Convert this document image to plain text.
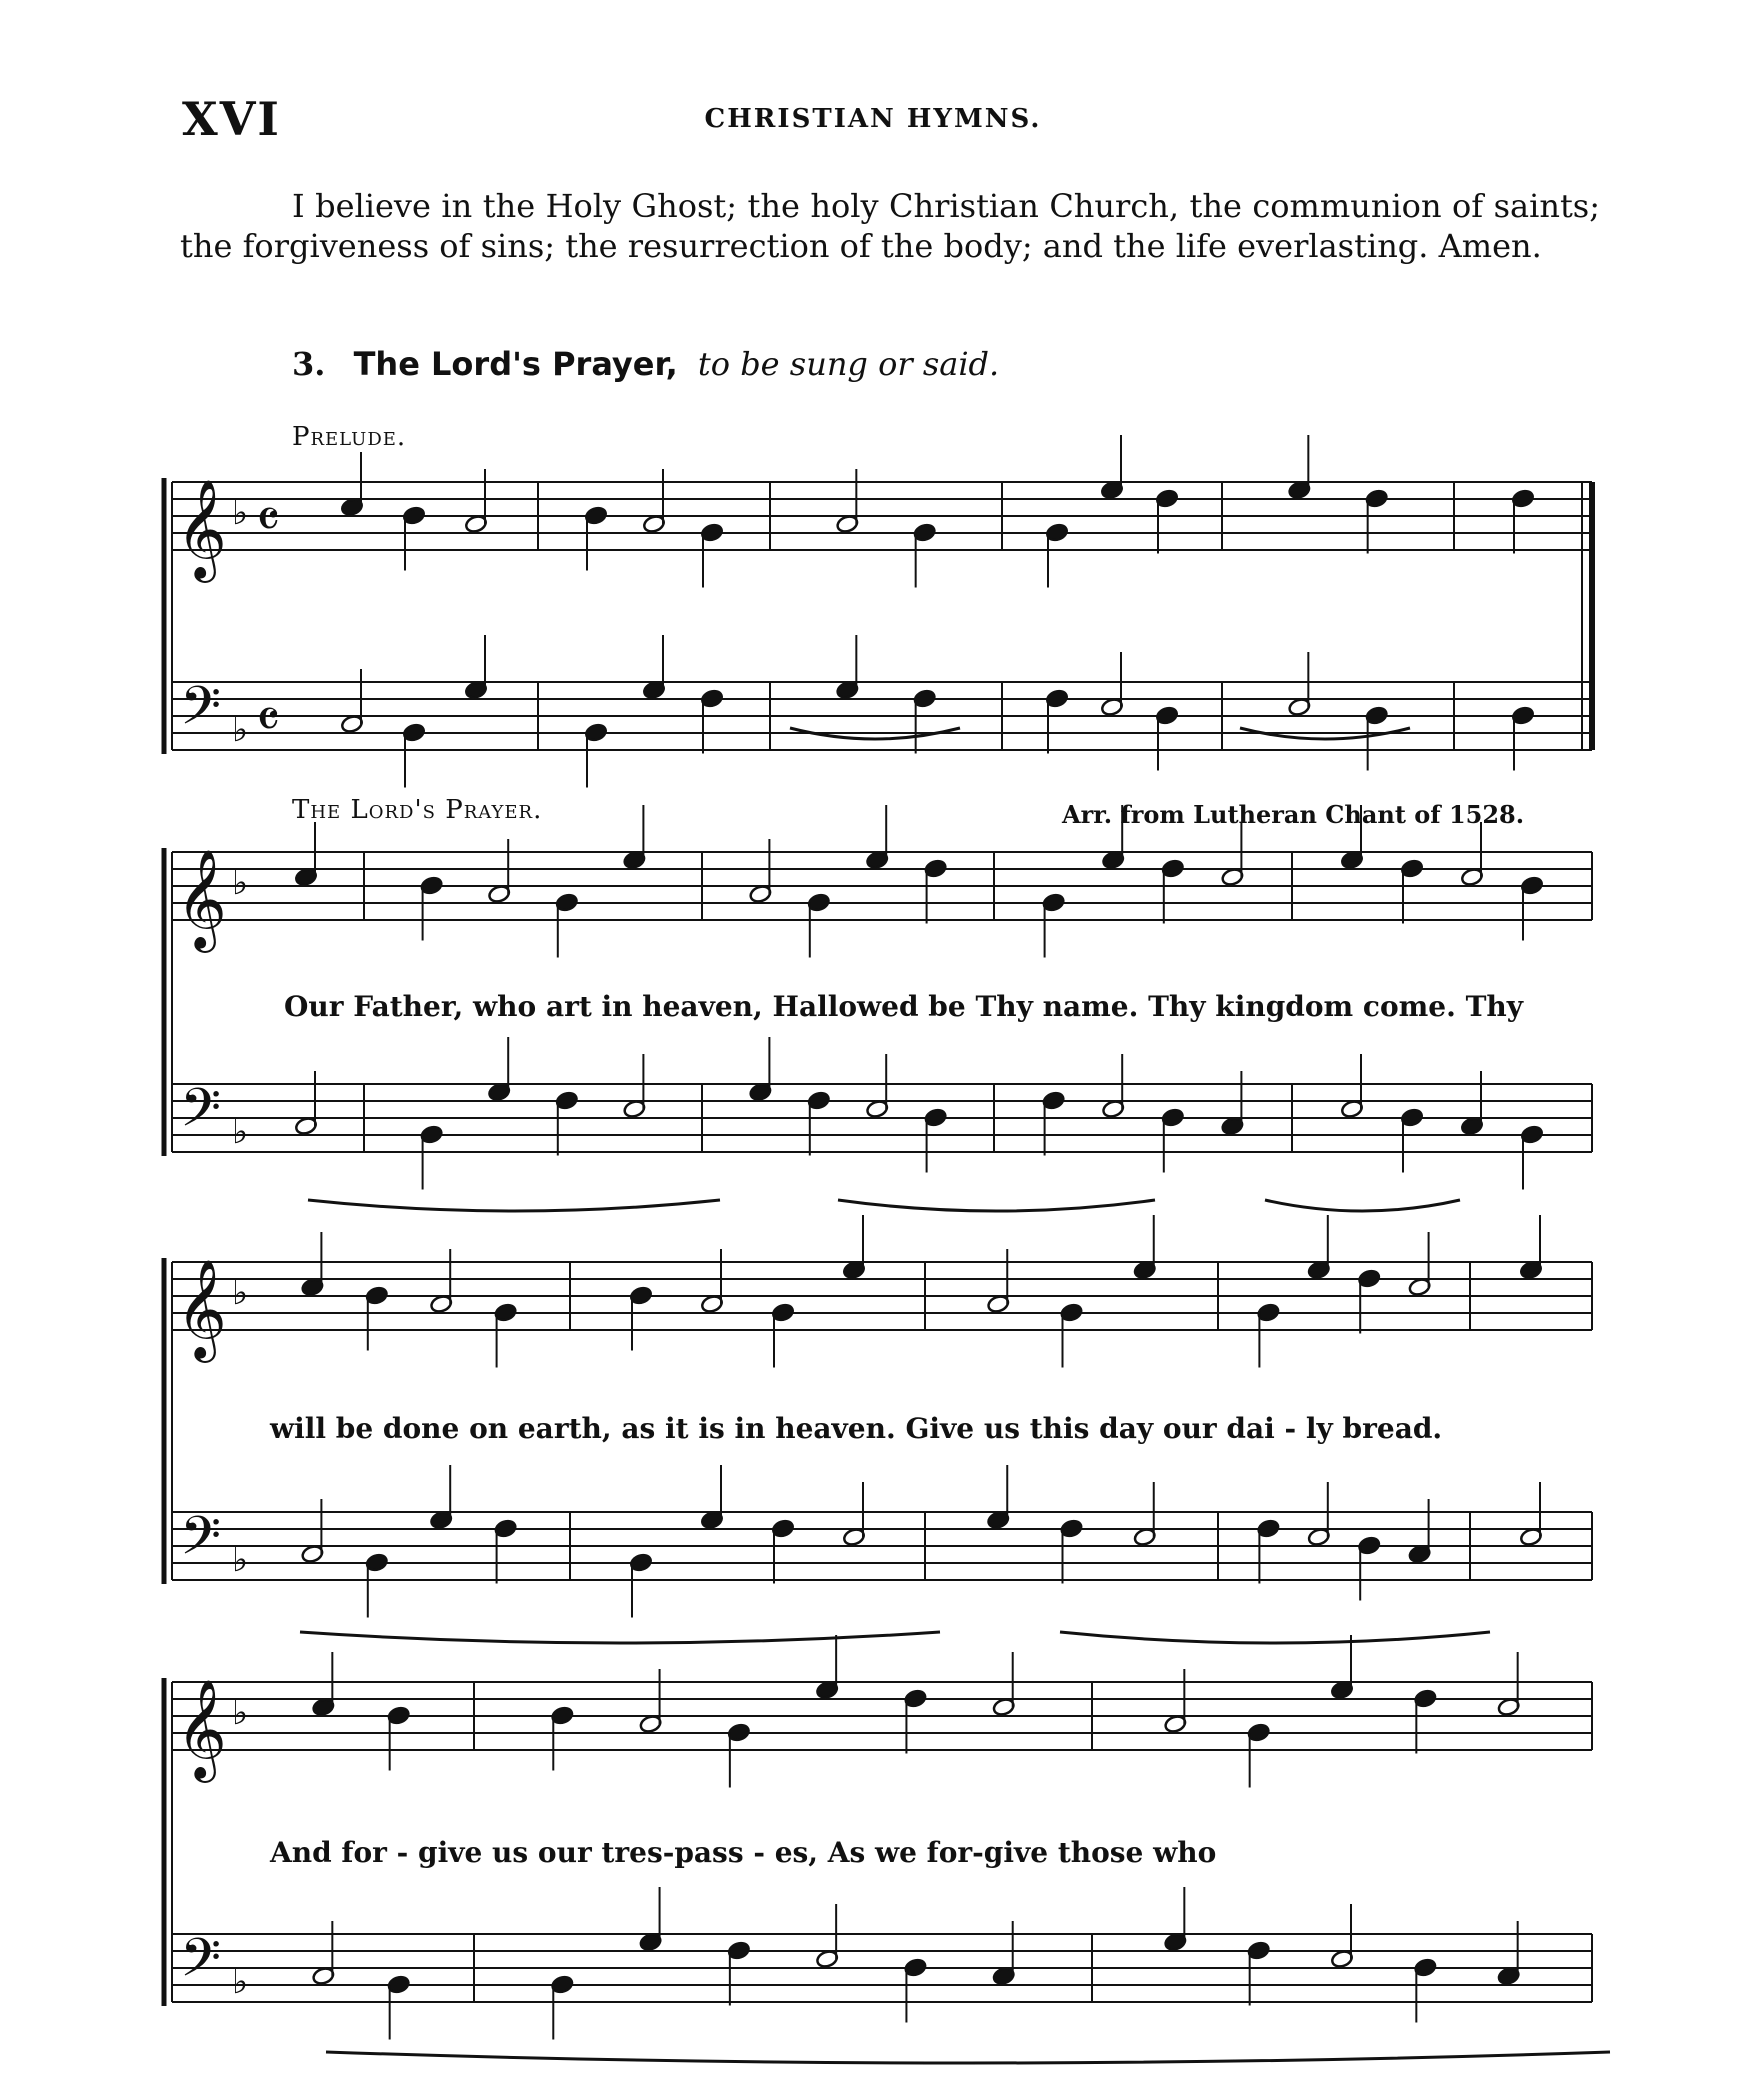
XVI	CHRISTIAN HYMNS.

I believe in the Holy Ghost; the holy Christian Church, the communion of saints; the forgiveness of sins; the resurrection of the body; and the life everlasting. Amen.

3. The Lord's Prayer, to be sung or said.
Prelude.
The Lord's Prayer.	Arr. from Lutheran Chant of 1528.
Our Father, who art in heaven, Hallowed be Thy name. Thy kingdom come. Thy
will be done on earth, as it is in heaven. Give us this day our dai - ly bread.
And for - give us our tres-pass - es, As we for-give those who
𝄞
𝄢
♭
♭
𝄴
𝄴
𝄞
𝄢
♭
♭
𝄞
𝄢
♭
♭
𝄞
𝄢
♭
♭
